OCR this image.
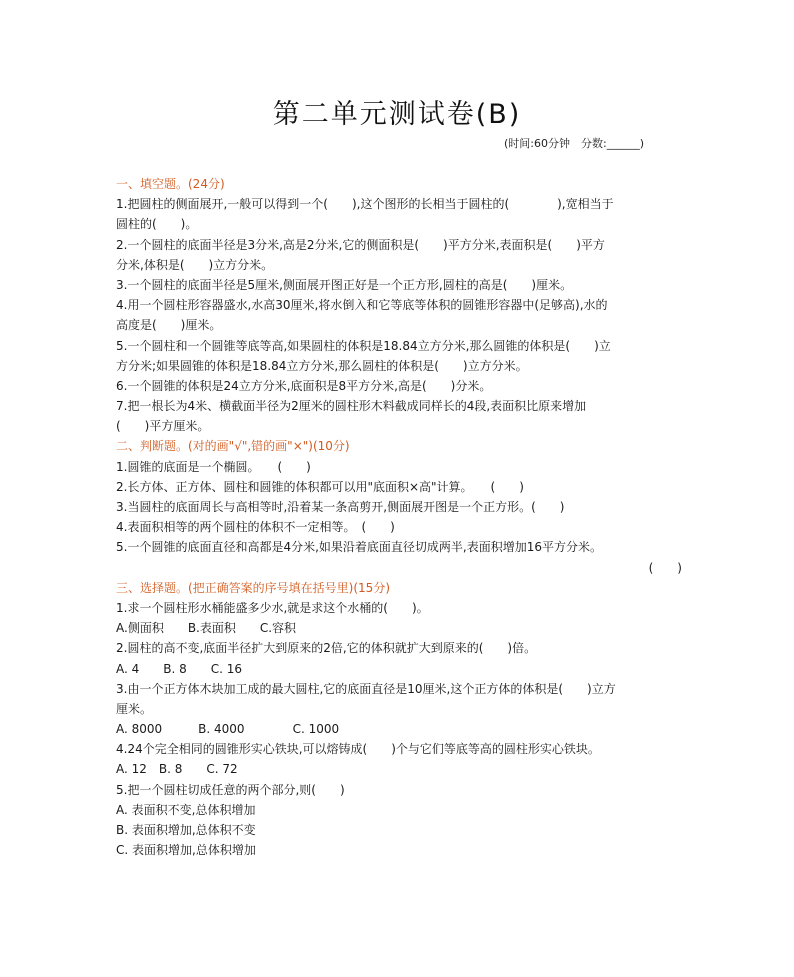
第二单元测试卷(B)
(时间:60分钟　分数:______)
一、填空题。(24分)
1.把圆柱的侧面展开,一般可以得到一个(　　),这个图形的长相当于圆柱的(　　　　),宽相当于
圆柱的(　　)。
2.一个圆柱的底面半径是3分米,高是2分米,它的侧面积是(　　)平方分米,表面积是(　　)平方
分米,体积是(　　)立方分米。
3.一个圆柱的底面半径是5厘米,侧面展开图正好是一个正方形,圆柱的高是(　　)厘米。
4.用一个圆柱形容器盛水,水高30厘米,将水倒入和它等底等体积的圆锥形容器中(足够高),水的
高度是(　　)厘米。
5.一个圆柱和一个圆锥等底等高,如果圆柱的体积是18.84立方分米,那么圆锥的体积是(　　)立
方分米;如果圆锥的体积是18.84立方分米,那么圆柱的体积是(　　)立方分米。
6.一个圆锥的体积是24立方分米,底面积是8平方分米,高是(　　)分米。
7.把一根长为4米、横截面半径为2厘米的圆柱形木料截成同样长的4段,表面积比原来增加
(　　)平方厘米。
二、判断题。(对的画"√",错的画"×")(10分)
1.圆锥的底面是一个椭圆。　　(　　)
2.长方体、正方体、圆柱和圆锥的体积都可以用"底面积×高"计算。　　(　　)
3.当圆柱的底面周长与高相等时,沿着某一条高剪开,侧面展开图是一个正方形。(　　)
4.表面积相等的两个圆柱的体积不一定相等。　(　　)
5.一个圆锥的底面直径和高都是4分米,如果沿着底面直径切成两半,表面积增加16平方分米。
(　　)
三、选择题。(把正确答案的序号填在括号里)(15分)
1.求一个圆柱形水桶能盛多少水,就是求这个水桶的(　　)。
A.侧面积　　B.表面积　　C.容积
2.圆柱的高不变,底面半径扩大到原来的2倍,它的体积就扩大到原来的(　　)倍。
A. 4　　B. 8　　C. 16
3.由一个正方体木块加工成的最大圆柱,它的底面直径是10厘米,这个正方体的体积是(　　)立方
厘米。
A. 8000　　　B. 4000　　　　C. 1000
4.24个完全相同的圆锥形实心铁块,可以熔铸成(　　)个与它们等底等高的圆柱形实心铁块。
A. 12　B. 8　　C. 72
5.把一个圆柱切成任意的两个部分,则(　　)
A. 表面积不变,总体积增加
B. 表面积增加,总体积不变
C. 表面积增加,总体积增加
